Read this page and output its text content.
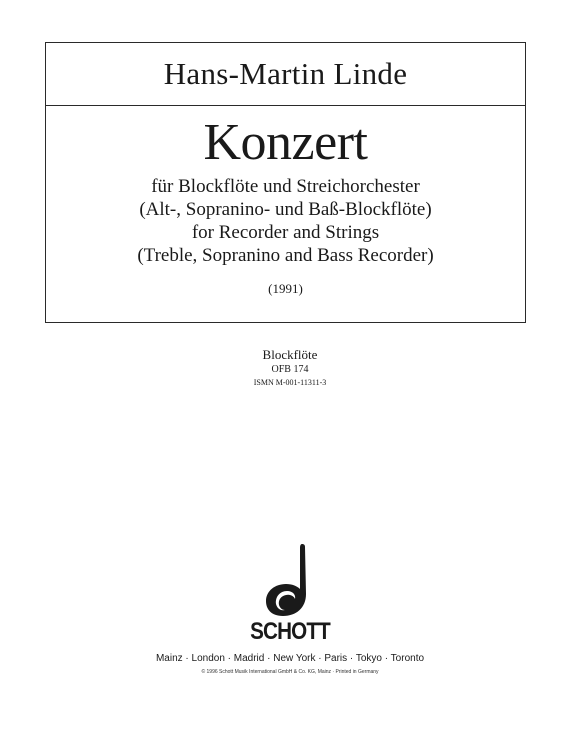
Hans-Martin Linde
Konzert
für Blockflöte und Streichorchester
(Alt-, Sopranino- und Baß-Blockflöte)
for Recorder and Strings
(Treble, Sopranino and Bass Recorder)
(1991)
Blockflöte
OFB 174
ISMN M-001-11311-3
SCHOTT
Mainz · London · Madrid · New York · Paris · Tokyo · Toronto
© 1996 Schott Musik International GmbH & Co. KG, Mainz · Printed in Germany
